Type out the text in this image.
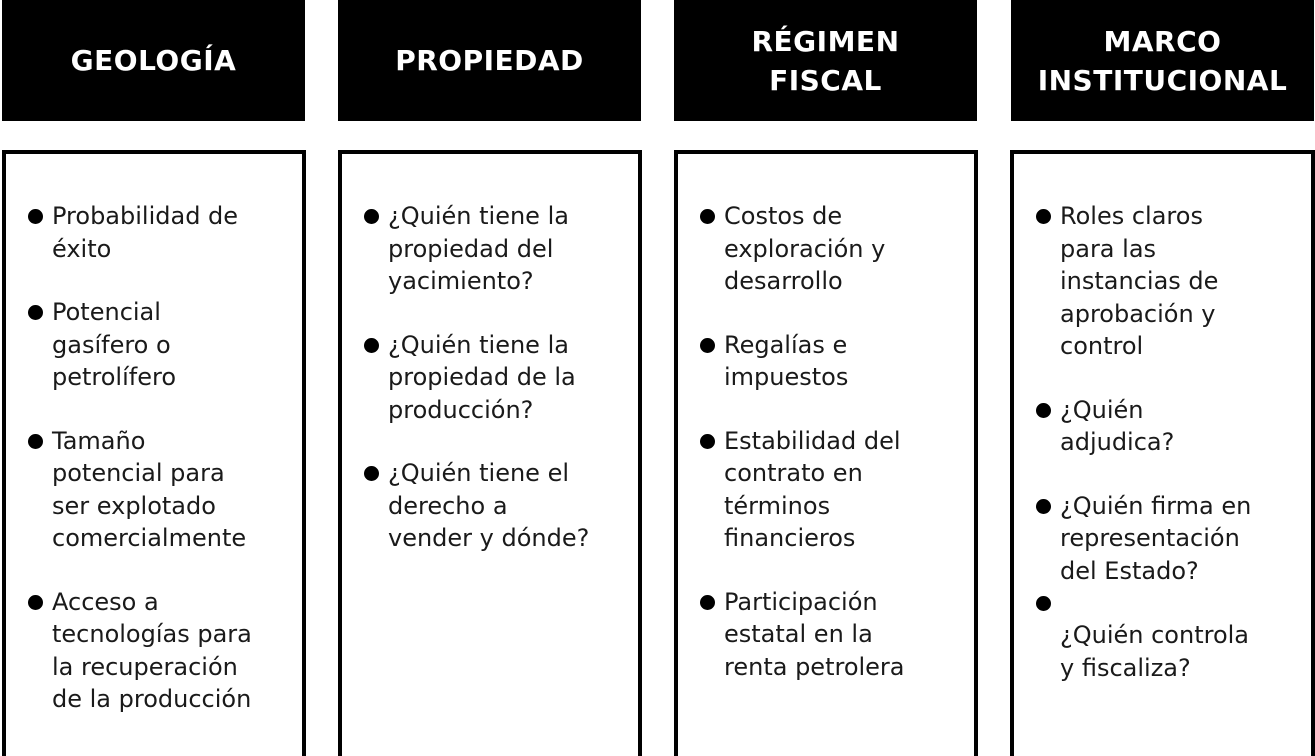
GEOLOGÍA
Probabilidad de
éxito
Potencial
gasífero o
petrolífero
Tamaño
potencial para
ser explotado
comercialmente
Acceso a
tecnologías para
la recuperación
de la producción
PROPIEDAD
¿Quién tiene la
propiedad del
yacimiento?
¿Quién tiene la
propiedad de la
producción?
¿Quién tiene el
derecho a
vender y dónde?
RÉGIMEN
FISCAL
Costos de
exploración y
desarrollo
Regalías e
impuestos
Estabilidad del
contrato en
términos
financieros
Participación
estatal en la
renta petrolera
MARCO
INSTITUCIONAL
Roles claros
para las
instancias de
aprobación y
control
¿Quién
adjudica?
¿Quién firma en
representación
del Estado?
¿Quién controla
y fiscaliza?
